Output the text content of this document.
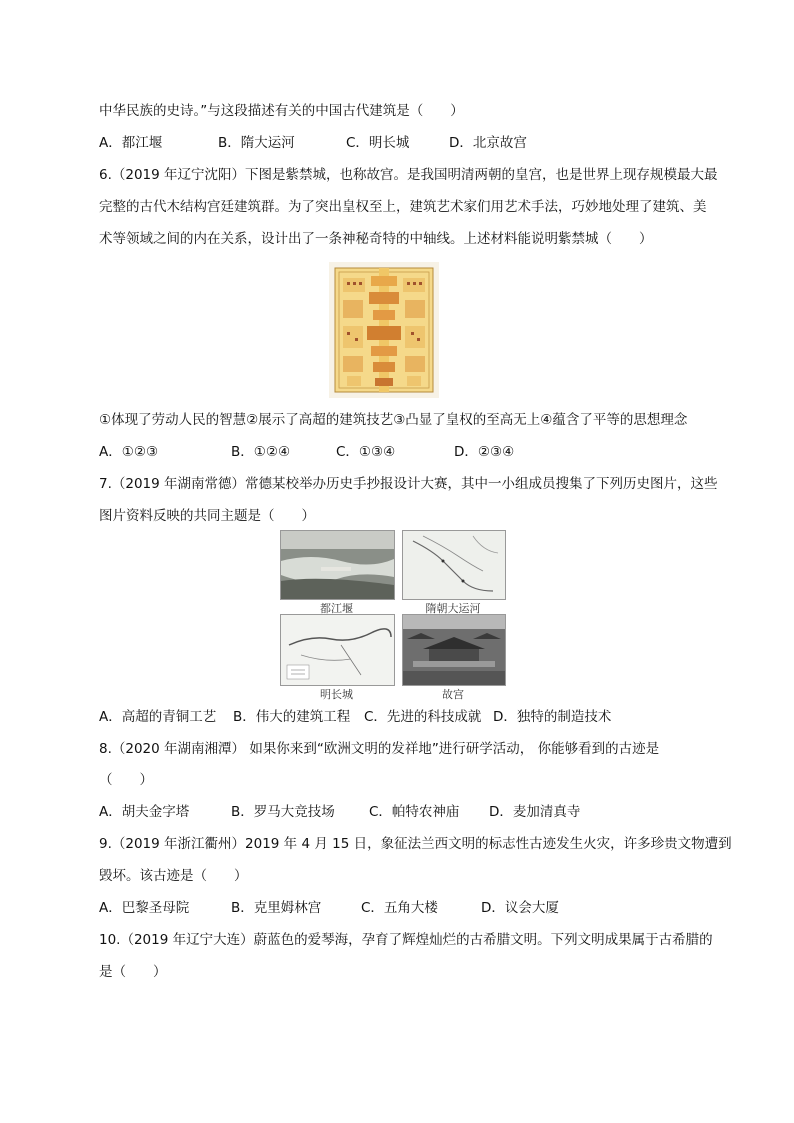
中华民族的史诗。”与这段描述有关的中国古代建筑是（　　）
A．都江堰	B．隋大运河	C．明长城	D．北京故宫
6.（2019 年辽宁沈阳）下图是紫禁城，也称故宫。是我国明清两朝的皇宫，也是世界上现存规模最大最
完整的古代木结构宫廷建筑群。为了突出皇权至上，建筑艺术家们用艺术手法，巧妙地处理了建筑、美
术等领域之间的内在关系，设计出了一条神秘奇特的中轴线。上述材料能说明紫禁城（　　）
①体现了劳动人民的智慧②展示了高超的建筑技艺③凸显了皇权的至高无上④蕴含了平等的思想理念
A．①②③	B．①②④	C．①③④	D．②③④
7.（2019 年湖南常德）常德某校举办历史手抄报设计大赛，其中一小组成员搜集了下列历史图片，这些
图片资料反映的共同主题是（　　）
都江堰	隋朝大运河
明长城	故宫
A．高超的青铜工艺 B．伟大的建筑工程 C．先进的科技成就 D．独特的制造技术
8.（2020 年湖南湘潭） 如果你来到“欧洲文明的发祥地”进行研学活动， 你能够看到的古迹是
（　　）
A．胡夫金字塔	B．罗马大竞技场	C．帕特农神庙 D．麦加清真寺
9.（2019 年浙江衢州）2019 年 4 月 15 日，象征法兰西文明的标志性古迹发生火灾，许多珍贵文物遭到
毁坏。该古迹是（　　）
A．巴黎圣母院	B．克里姆林宫	C．五角大楼	D．议会大厦
10.（2019 年辽宁大连）蔚蓝色的爱琴海，孕育了辉煌灿烂的古希腊文明。下列文明成果属于古希腊的
是（　　）
